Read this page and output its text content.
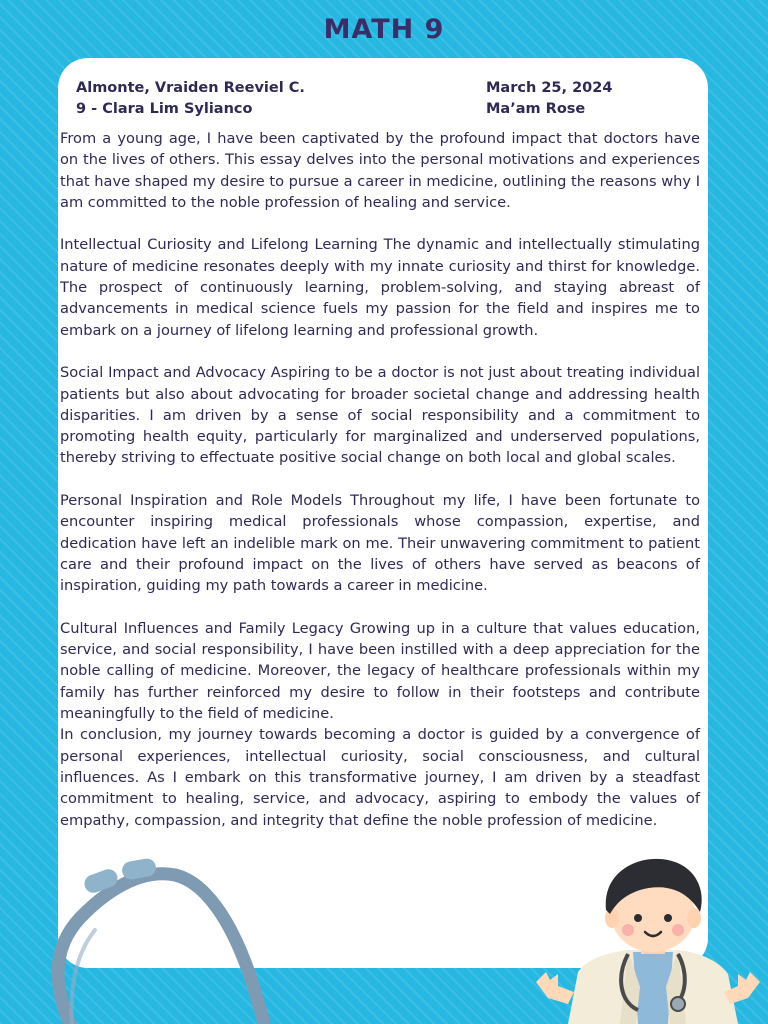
MATH 9
Almonte, Vraiden Reeviel C.
9 - Clara Lim Sylianco
March 25, 2024
Ma’am Rose

From a young age, I have been captivated by the profound impact that doctors have on the lives of others. This essay delves into the personal motivations and experiences that have shaped my desire to pursue a career in medicine, outlining the reasons why I am committed to the noble profession of healing and service.

Intellectual Curiosity and Lifelong Learning The dynamic and intellectually stimulating nature of medicine resonates deeply with my innate curiosity and thirst for knowledge. The prospect of continuously learning, problem-solving, and staying abreast of advancements in medical science fuels my passion for the field and inspires me to embark on a journey of lifelong learning and professional growth.

Social Impact and Advocacy Aspiring to be a doctor is not just about treating individual patients but also about advocating for broader societal change and addressing health disparities. I am driven by a sense of social responsibility and a commitment to promoting health equity, particularly for marginalized and underserved populations, thereby striving to effectuate positive social change on both local and global scales.

Personal Inspiration and Role Models Throughout my life, I have been fortunate to encounter inspiring medical professionals whose compassion, expertise, and dedication have left an indelible mark on me. Their unwavering commitment to patient care and their profound impact on the lives of others have served as beacons of inspiration, guiding my path towards a career in medicine.

Cultural Influences and Family Legacy Growing up in a culture that values education, service, and social responsibility, I have been instilled with a deep appreciation for the noble calling of medicine. Moreover, the legacy of healthcare professionals within my family has further reinforced my desire to follow in their footsteps and contribute meaningfully to the field of medicine.

In conclusion, my journey towards becoming a doctor is guided by a convergence of personal experiences, intellectual curiosity, social consciousness, and cultural influences. As I embark on this transformative journey, I am driven by a steadfast commitment to healing, service, and advocacy, aspiring to embody the values of empathy, compassion, and integrity that define the noble profession of medicine.
